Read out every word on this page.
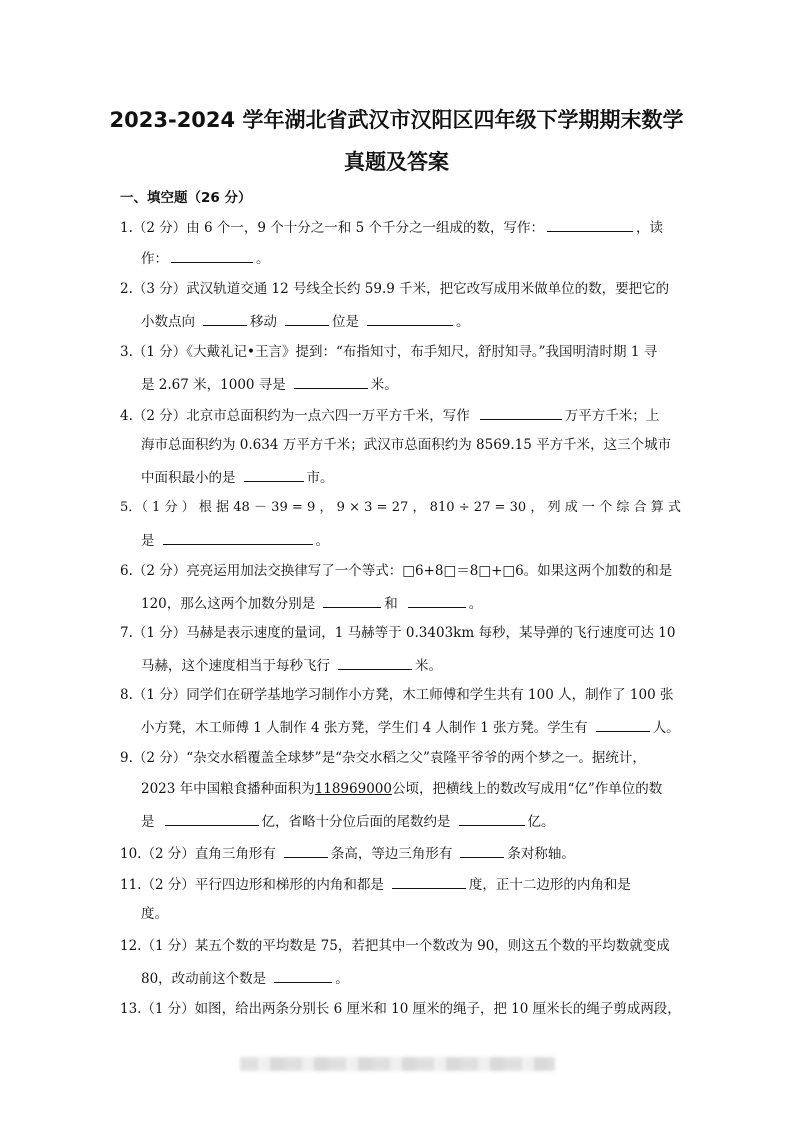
2023-2024 学年湖北省武汉市汉阳区四年级下学期期末数学
真题及答案
一、填空题（26 分）
1.（2 分）由 6 个一，9 个十分之一和 5 个千分之一组成的数，写作：	，读
作：	。
2.（3 分）武汉轨道交通 12 号线全长约 59.9 千米，把它改写成用米做单位的数，要把它的
小数点向	移动	位是	。
3.（1 分）《大戴礼记•王言》提到：“布指知寸，布手知尺，舒肘知寻。”我国明清时期 1 寻
是 2.67 米，1000 寻是	米。
4.（2 分）北京市总面积约为一点六四一万平方千米，写作	万平方千米；上
海市总面积约为 0.634 万平方千米；武汉市总面积约为 8569.15 平方千米，这三个城市
中面积最小的是	市。
5．（ 1 分 ） 根 据 48 － 39 = 9 ， 9 × 3 = 27 ， 810 ÷ 27 = 30 ， 列 成 一 个 综 合 算 式
是	。
6.（2 分）亮亮运用加法交换律写了一个等式：□6+8□＝8□+□6。如果这两个加数的和是
120，那么这两个加数分别是	和	。
7.（1 分）马赫是表示速度的量词，1 马赫等于 0.3403km 每秒，某导弹的飞行速度可达 10
马赫，这个速度相当于每秒飞行	米。
8.（1 分）同学们在研学基地学习制作小方凳，木工师傅和学生共有 100 人，制作了 100 张
小方凳，木工师傅 1 人制作 4 张方凳，学生们 4 人制作 1 张方凳。学生有	人。
9.（2 分）“杂交水稻覆盖全球梦”是“杂交水稻之父”袁隆平爷爷的两个梦之一。据统计，
2023 年中国粮食播种面积为118969000公顷，把横线上的数改写成用“亿”作单位的数
是	亿，省略十分位后面的尾数约是	亿。
10.（2 分）直角三角形有	条高，等边三角形有	条对称轴。
11.（2 分）平行四边形和梯形的内角和都是	度，正十二边形的内角和是
度。
12.（1 分）某五个数的平均数是 75，若把其中一个数改为 90，则这五个数的平均数就变成
80，改动前这个数是	。
13.（1 分）如图，给出两条分别长 6 厘米和 10 厘米的绳子，把 10 厘米长的绳子剪成两段，
